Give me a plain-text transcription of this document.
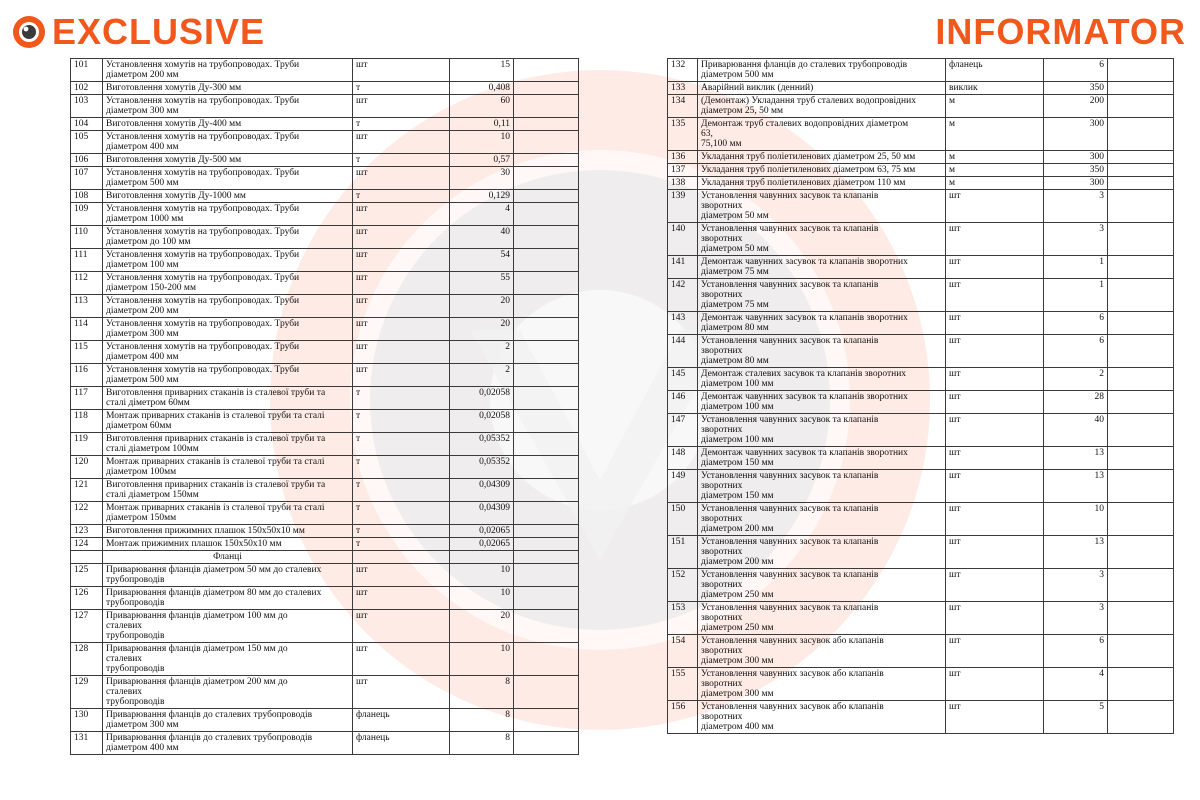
EXCLUSIVE	INFORMATOR
101	Установлення хомутів на трубопроводах. Труби
діаметром 200 мм	шт	15	
102	Виготовлення хомутів Ду-300 мм	т	0,408	
103	Установлення хомутів на трубопроводах. Труби
діаметром 300 мм	шт	60	
104	Виготовлення хомутів Ду-400 мм	т	0,11	
105	Установлення хомутів на трубопроводах. Труби
діаметром 400 мм	шт	10	
106	Виготовлення хомутів Ду-500 мм	т	0,57	
107	Установлення хомутів на трубопроводах. Труби
діаметром 500 мм	шт	30	
108	Виготовлення хомутів Ду-1000 мм	т	0,129	
109	Установлення хомутів на трубопроводах. Труби
діаметром 1000 мм	шт	4	
110	Установлення хомутів на трубопроводах. Труби
діаметром до 100 мм	шт	40	
111	Установлення хомутів на трубопроводах. Труби
діаметром 100 мм	шт	54	
112	Установлення хомутів на трубопроводах. Труби
діаметром 150-200 мм	шт	55	
113	Установлення хомутів на трубопроводах. Труби
діаметром 200 мм	шт	20	
114	Установлення хомутів на трубопроводах. Труби
діаметром 300 мм	шт	20	
115	Установлення хомутів на трубопроводах. Труби
діаметром 400 мм	шт	2	
116	Установлення хомутів на трубопроводах. Труби
діаметром 500 мм	шт	2	
117	Виготовлення приварних стаканів із сталевої труби та
сталі діметром 60мм	т	0,02058	
118	Монтаж приварних стаканів із сталевої труби та сталі
діаметром 60мм	т	0,02058	
119	Виготовлення приварних стаканів із сталевої труби та
сталі діаметром 100мм	т	0,05352	
120	Монтаж приварних стаканів із сталевої труби та сталі
діаметром 100мм	т	0,05352	
121	Виготовлення приварних стаканів із сталевої труби та
сталі діаметром 150мм	т	0,04309	
122	Монтаж приварних стаканів із сталевої труби та сталі
діаметром 150мм	т	0,04309	
123	Виготовлення прижимних плашок 150х50х10 мм	т	0,02065	
124	Монтаж прижимних плашок 150х50х10 мм	т	0,02065	
	Фланці			
125	Приварювання фланців діаметром 50 мм до сталевих
трубопроводів	шт	10	
126	Приварювання фланців діаметром 80 мм до сталевих
трубопроводів	шт	10	
127	Приварювання фланців діаметром 100 мм до
сталевих
трубопроводів	шт	20	
128	Приварювання фланців діаметром 150 мм до
сталевих
трубопроводів	шт	10	
129	Приварювання фланців діаметром 200 мм до
сталевих
трубопроводів	шт	8	
130	Приварювання фланців до сталевих трубопроводів
діаметром 300 мм	фланець	8	
131	Приварювання фланців до сталевих трубопроводів
діаметром 400 мм	фланець	8	
132	Приварювання фланців до сталевих трубопроводів
діаметром 500 мм	фланець	6	
133	Аварійний виклик (денний)	виклик	350	
134	(Демонтаж) Укладання труб сталевих водопровідних
діаметром 25, 50 мм	м	200	
135	Демонтаж труб сталевих водопровідних діаметром
63,
75,100 мм	м	300	
136	Укладання труб поліетиленових діаметром 25, 50 мм	м	300	
137	Укладання труб поліетиленових діаметром 63, 75 мм	м	350	
138	Укладання труб поліетиленових діаметром 110 мм	м	300	
139	Установлення чавунних засувок та клапанів
зворотних
діаметром 50 мм	шт	3	
140	Установлення чавунних засувок та клапанів
зворотних
діаметром 50 мм	шт	3	
141	Демонтаж чавунних засувок та клапанів зворотних
діаметром 75 мм	шт	1	
142	Установлення чавунних засувок та клапанів
зворотних
діаметром 75 мм	шт	1	
143	Демонтаж чавунних засувок та клапанів зворотних
діаметром 80 мм	шт	6	
144	Установлення чавунних засувок та клапанів
зворотних
діаметром 80 мм	шт	6	
145	Демонтаж сталевих засувок та клапанів зворотних
діаметром 100 мм	шт	2	
146	Демонтаж чавунних засувок та клапанів зворотних
діаметром 100 мм	шт	28	
147	Установлення чавунних засувок та клапанів
зворотних
діаметром 100 мм	шт	40	
148	Демонтаж чавунних засувок та клапанів зворотних
діаметром 150 мм	шт	13	
149	Установлення чавунних засувок та клапанів
зворотних
діаметром 150 мм	шт	13	
150	Установлення чавунних засувок та клапанів
зворотних
діаметром 200 мм	шт	10	
151	Установлення чавунних засувок та клапанів
зворотних
діаметром 200 мм	шт	13	
152	Установлення чавунних засувок та клапанів
зворотних
діаметром 250 мм	шт	3	
153	Установлення чавунних засувок та клапанів
зворотних
діаметром 250 мм	шт	3	
154	Установлення чавунних засувок або клапанів
зворотних
діаметром 300 мм	шт	6	
155	Установлення чавунних засувок або клапанів
зворотних
діаметром 300 мм	шт	4	
156	Установлення чавунних засувок або клапанів
зворотних
діаметром 400 мм	шт	5	
